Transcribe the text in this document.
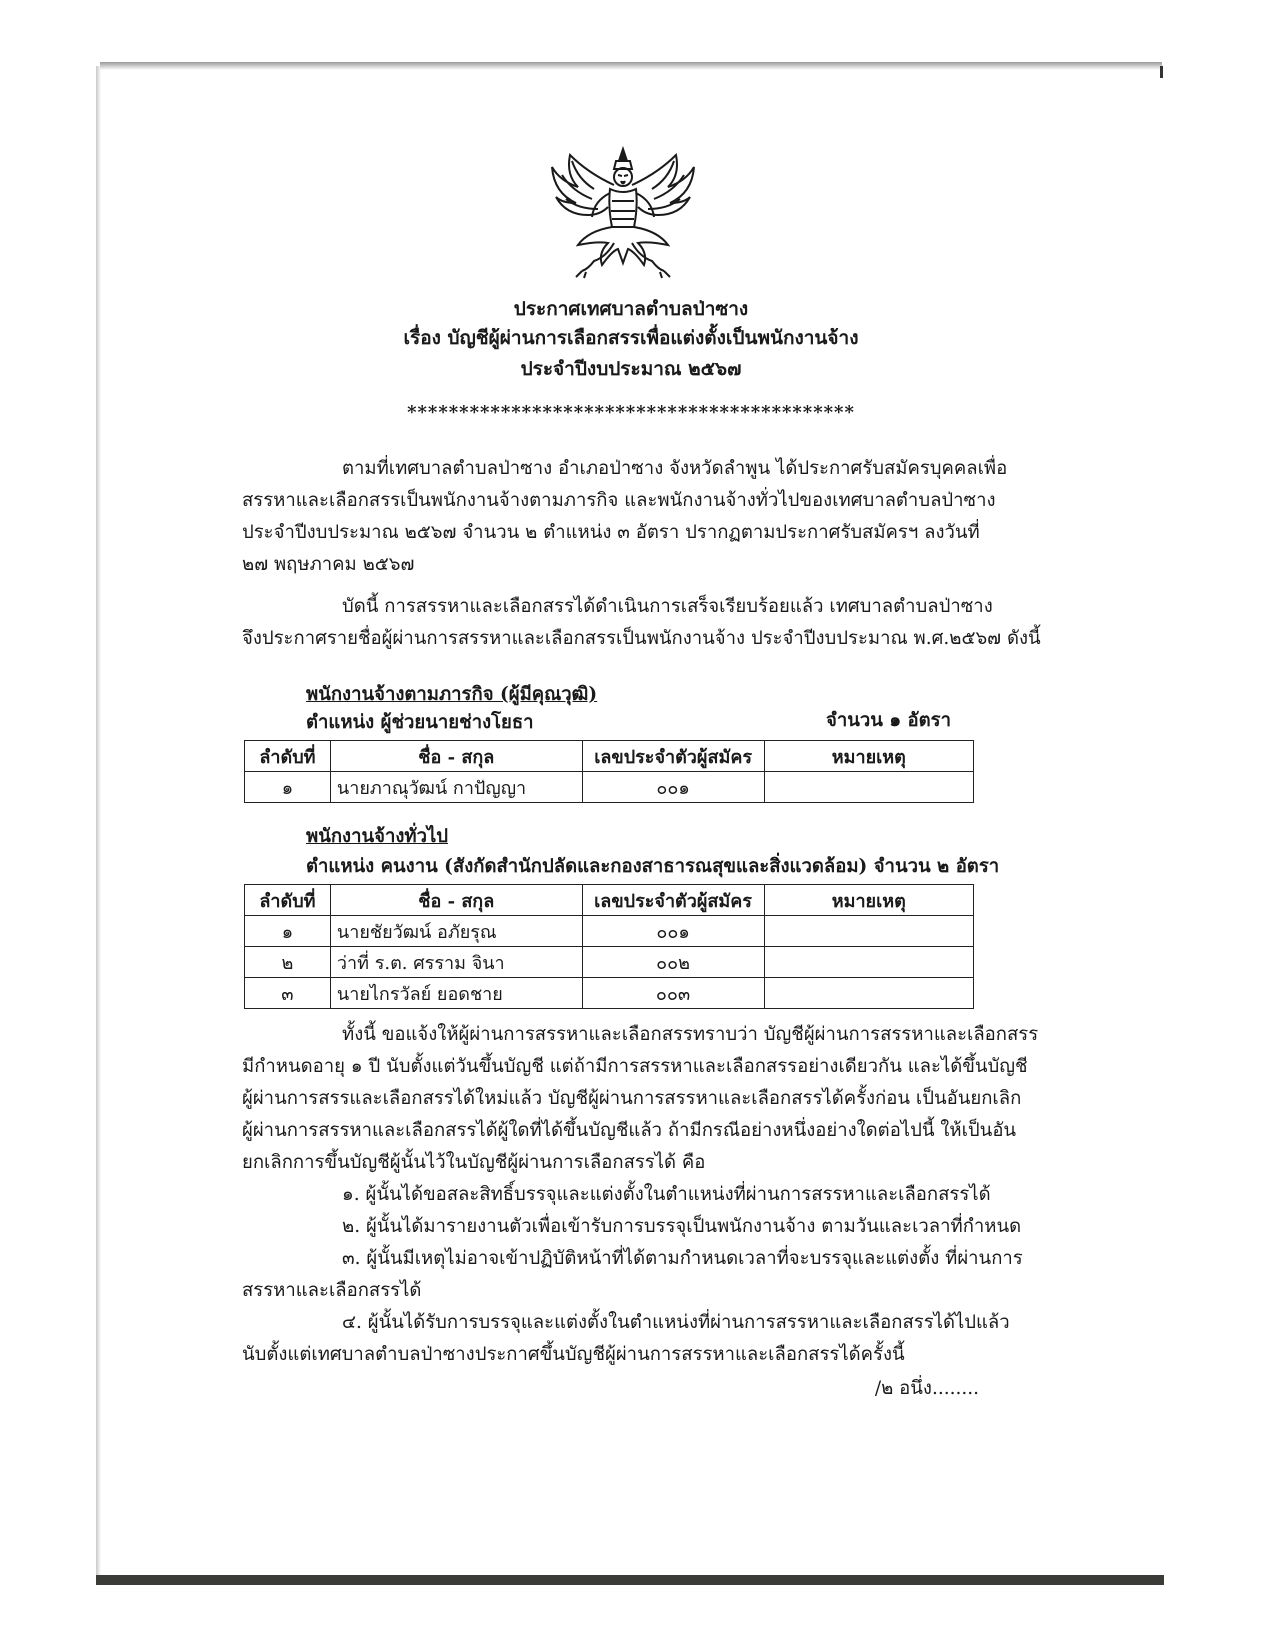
ประกาศเทศบาลตำบลป่าซาง
เรื่อง บัญชีผู้ผ่านการเลือกสรรเพื่อแต่งตั้งเป็นพนักงานจ้าง
ประจำปีงบประมาณ ๒๕๖๗
*******************************************
ตามที่เทศบาลตำบลป่าซาง อำเภอป่าซาง จังหวัดลำพูน ได้ประกาศรับสมัครบุคคลเพื่อ
สรรหาและเลือกสรรเป็นพนักงานจ้างตามภารกิจ และพนักงานจ้างทั่วไปของเทศบาลตำบลป่าซาง
ประจำปีงบประมาณ ๒๕๖๗ จำนวน ๒ ตำแหน่ง ๓ อัตรา ปรากฏตามประกาศรับสมัครฯ ลงวันที่
๒๗ พฤษภาคม ๒๕๖๗
บัดนี้ การสรรหาและเลือกสรรได้ดำเนินการเสร็จเรียบร้อยแล้ว เทศบาลตำบลป่าซาง
จึงประกาศรายชื่อผู้ผ่านการสรรหาและเลือกสรรเป็นพนักงานจ้าง ประจำปีงบประมาณ พ.ศ.๒๕๖๗ ดังนี้
พนักงานจ้างตามภารกิจ (ผู้มีคุณวุฒิ)
ตำแหน่ง ผู้ช่วยนายช่างโยธา	จำนวน ๑ อัตรา
ลำดับที่	ชื่อ - สกุล	เลขประจำตัวผู้สมัคร	หมายเหตุ
๑	นายภาณุวัฒน์ กาปัญญา	๐๐๑	
พนักงานจ้างทั่วไป
ตำแหน่ง คนงาน (สังกัดสำนักปลัดและกองสาธารณสุขและสิ่งแวดล้อม) จำนวน ๒ อัตรา
ลำดับที่	ชื่อ - สกุล	เลขประจำตัวผู้สมัคร	หมายเหตุ
๑	นายชัยวัฒน์ อภัยรุณ	๐๐๑	
๒	ว่าที่ ร.ต. ศรราม จินา	๐๐๒	
๓	นายไกรวัลย์ ยอดชาย	๐๐๓	
ทั้งนี้ ขอแจ้งให้ผู้ผ่านการสรรหาและเลือกสรรทราบว่า บัญชีผู้ผ่านการสรรหาและเลือกสรร
มีกำหนดอายุ ๑ ปี นับตั้งแต่วันขึ้นบัญชี แต่ถ้ามีการสรรหาและเลือกสรรอย่างเดียวกัน และได้ขึ้นบัญชี
ผู้ผ่านการสรรและเลือกสรรได้ใหม่แล้ว บัญชีผู้ผ่านการสรรหาและเลือกสรรได้ครั้งก่อน เป็นอันยกเลิก
ผู้ผ่านการสรรหาและเลือกสรรได้ผู้ใดที่ได้ขึ้นบัญชีแล้ว ถ้ามีกรณีอย่างหนึ่งอย่างใดต่อไปนี้ ให้เป็นอัน
ยกเลิกการขึ้นบัญชีผู้นั้นไว้ในบัญชีผู้ผ่านการเลือกสรรได้ คือ
๑. ผู้นั้นได้ขอสละสิทธิ์บรรจุและแต่งตั้งในตำแหน่งที่ผ่านการสรรหาและเลือกสรรได้
๒. ผู้นั้นได้มารายงานตัวเพื่อเข้ารับการบรรจุเป็นพนักงานจ้าง ตามวันและเวลาที่กำหนด
๓. ผู้นั้นมีเหตุไม่อาจเข้าปฏิบัติหน้าที่ได้ตามกำหนดเวลาที่จะบรรจุและแต่งตั้ง ที่ผ่านการ
สรรหาและเลือกสรรได้
๔. ผู้นั้นได้รับการบรรจุและแต่งตั้งในตำแหน่งที่ผ่านการสรรหาและเลือกสรรได้ไปแล้ว
นับตั้งแต่เทศบาลตำบลป่าซางประกาศขึ้นบัญชีผู้ผ่านการสรรหาและเลือกสรรได้ครั้งนี้
/๒ อนึ่ง........
